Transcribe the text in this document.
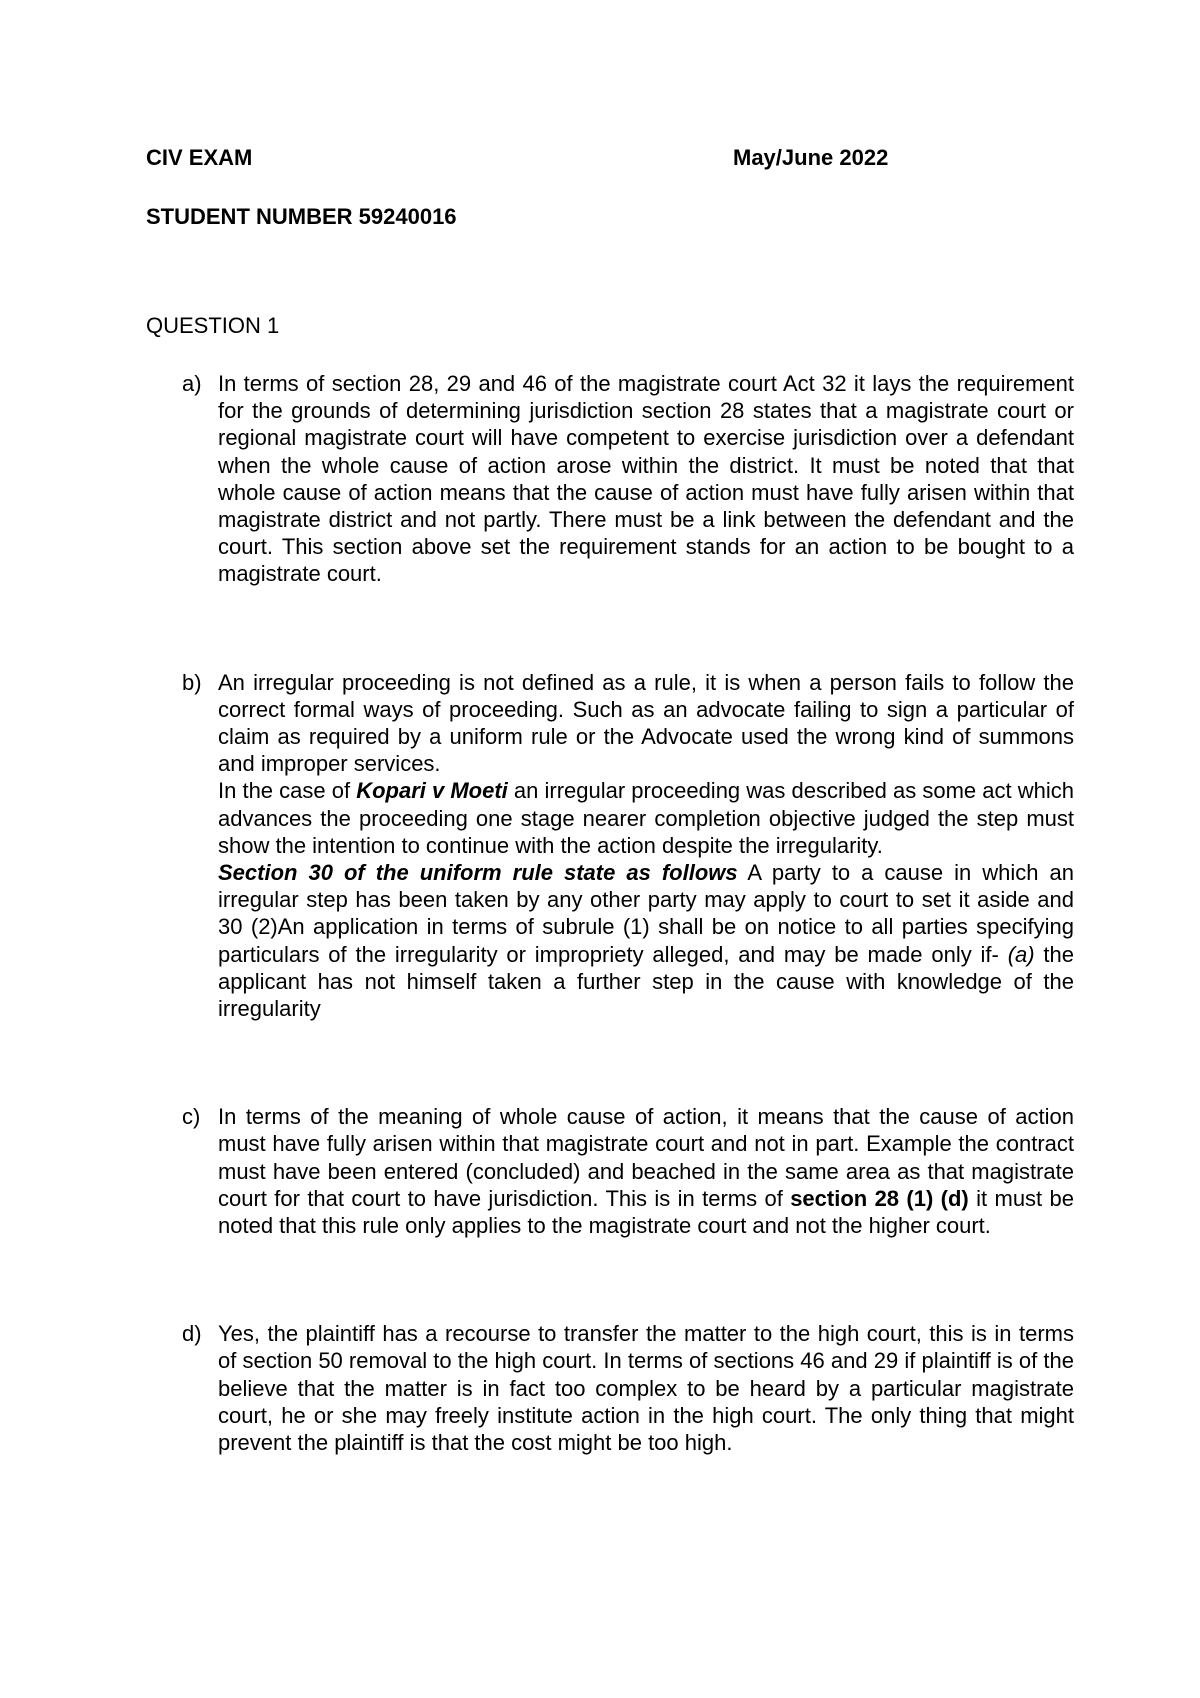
CIV EXAM	May/June 2022
STUDENT NUMBER 59240016
QUESTION 1
a) In terms of section 28, 29 and 46 of the magistrate court Act 32 it lays the requirement for the grounds of determining jurisdiction section 28 states that a magistrate court or regional magistrate court will have competent to exercise jurisdiction over a defendant when the whole cause of action arose within the district. It must be noted that that whole cause of action means that the cause of action must have fully arisen within that magistrate district and not partly. There must be a link between the defendant and the court. This section above set the requirement stands for an action to be bought to a magistrate court.

b) An irregular proceeding is not defined as a rule, it is when a person fails to follow the correct formal ways of proceeding. Such as an advocate failing to sign a particular of claim as required by a uniform rule or the Advocate used the wrong kind of summons and improper services.

In the case of Kopari v Moeti an irregular proceeding was described as some act which advances the proceeding one stage nearer completion objective judged the step must show the intention to continue with the action despite the irregularity.

Section 30 of the uniform rule state as follows A party to a cause in which an irregular step has been taken by any other party may apply to court to set it aside and 30 (2)An application in terms of subrule (1) shall be on notice to all parties specifying particulars of the irregularity or impropriety alleged, and may be made only if- (a) the applicant has not himself taken a further step in the cause with knowledge of the irregularity

c) In terms of the meaning of whole cause of action, it means that the cause of action must have fully arisen within that magistrate court and not in part. Example the contract must have been entered (concluded) and beached in the same area as that magistrate court for that court to have jurisdiction. This is in terms of section 28 (1) (d) it must be noted that this rule only applies to the magistrate court and not the higher court.

d) Yes, the plaintiff has a recourse to transfer the matter to the high court, this is in terms of section 50 removal to the high court. In terms of sections 46 and 29 if plaintiff is of the believe that the matter is in fact too complex to be heard by a particular magistrate court, he or she may freely institute action in the high court. The only thing that might prevent the plaintiff is that the cost might be too high.
